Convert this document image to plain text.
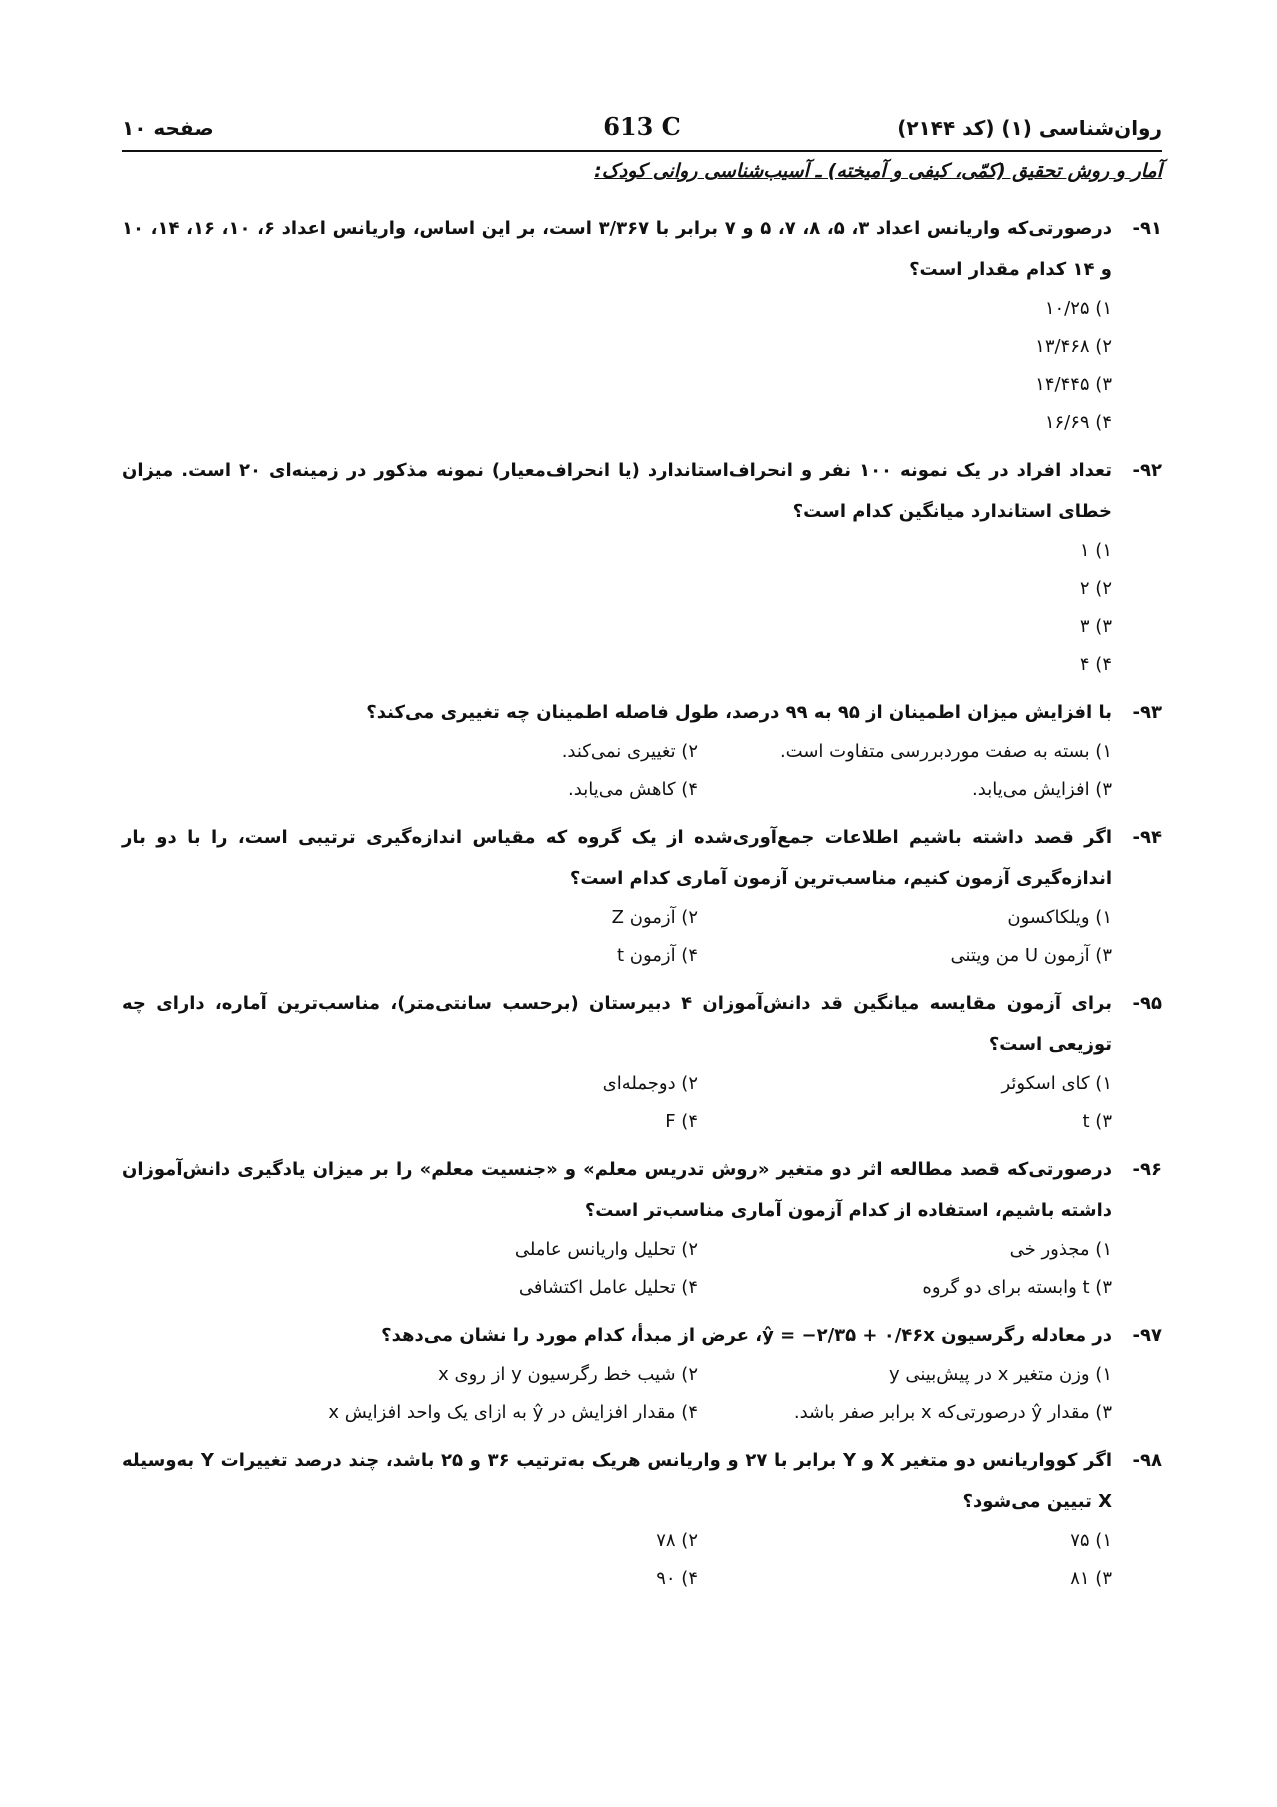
روان‌شناسی (۱) (کد ۲۱۴۴)
613 C
صفحه ۱۰
آمار و روش تحقیق (کمّی، کیفی و آمیخته) ـ آسیب‌شناسی روانی کودک:
۹۱-
درصورتی‌که واریانس اعداد ۳، ۵، ۸، ۷، ۵ و ۷ برابر با ۳/۳۶۷ است، بر این اساس، واریانس اعداد ۶، ۱۰، ۱۶، ۱۴، ۱۰ و ۱۴ کدام مقدار است؟
۱) ۱۰/۲۵
۲) ۱۳/۴۶۸
۳) ۱۴/۴۴۵
۴) ۱۶/۶۹
۹۲-
تعداد افراد در یک نمونه ۱۰۰ نفر و انحراف‌استاندارد (یا انحراف‌معیار) نمونه مذکور در زمینه‌ای ۲۰ است. میزان خطای استاندارد میانگین کدام است؟
۱) ۱
۲) ۲
۳) ۳
۴) ۴
۹۳-
با افزایش میزان اطمینان از ۹۵ به ۹۹ درصد، طول فاصله اطمینان چه تغییری می‌کند؟
۱) بسته به صفت موردبررسی متفاوت است.
۲) تغییری نمی‌کند.
۳) افزایش می‌یابد.
۴) کاهش می‌یابد.
۹۴-
اگر قصد داشته باشیم اطلاعات جمع‌آوری‌شده از یک گروه که مقیاس اندازه‌گیری ترتیبی است، را با دو بار اندازه‌گیری آزمون کنیم، مناسب‌ترین آزمون آماری کدام است؟
۱) ویلکاکسون
۲) آزمون Z
۳) آزمون U من ویتنی
۴) آزمون t
۹۵-
برای آزمون مقایسه میانگین قد دانش‌آموزان ۴ دبیرستان (برحسب سانتی‌متر)، مناسب‌ترین آماره، دارای چه توزیعی است؟
۱) کای اسکوئر
۲) دوجمله‌ای
۳) t
۴) F
۹۶-
درصورتی‌که قصد مطالعه اثر دو متغیر «روش تدریس معلم» و «جنسیت معلم» را بر میزان یادگیری دانش‌آموزان داشته باشیم، استفاده از کدام آزمون آماری مناسب‌تر است؟
۱) مجذور خی
۲) تحلیل واریانس عاملی
۳) t وابسته برای دو گروه
۴) تحلیل عامل اکتشافی
۹۷-
در معادله رگرسیون ŷ = −۲/۳۵ + ۰/۴۶x، عرض از مبدأ، کدام مورد را نشان می‌دهد؟
۱) وزن متغیر x در پیش‌بینی y
۲) شیب خط رگرسیون y از روی x
۳) مقدار ŷ درصورتی‌که x برابر صفر باشد.
۴) مقدار افزایش در ŷ به ازای یک واحد افزایش x
۹۸-
اگر کوواریانس دو متغیر X و Y برابر با ۲۷ و واریانس هریک به‌ترتیب ۳۶ و ۲۵ باشد، چند درصد تغییرات Y به‌وسیله X تبیین می‌شود؟
۱) ۷۵
۲) ۷۸
۳) ۸۱
۴) ۹۰
